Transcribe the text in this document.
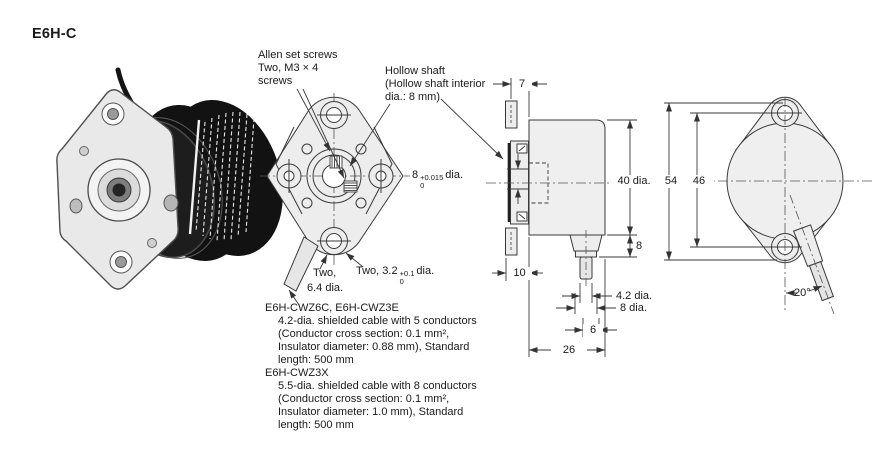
E6H-C
Allen set screws
Two, M3 × 4
screws
Hollow shaft
(Hollow shaft interior
dia.: 8 mm)
Two,
6.4 dia.
Two, 3.2 +0.1
0
dia.
7
8 +0.015
0
dia.	40 dia.
8
10
4.2 dia.
8 dia.
6
26
54	46
20°
E6H-CWZ6C, E6H-CWZ3E
4.2-dia. shielded cable with 5 conductors
(Conductor cross section: 0.1 mm²,
Insulator diameter: 0.88 mm), Standard
length: 500 mm
E6H-CWZ3X
5.5-dia. shielded cable with 8 conductors
(Conductor cross section: 0.1 mm²,
Insulator diameter: 1.0 mm), Standard
length: 500 mm
